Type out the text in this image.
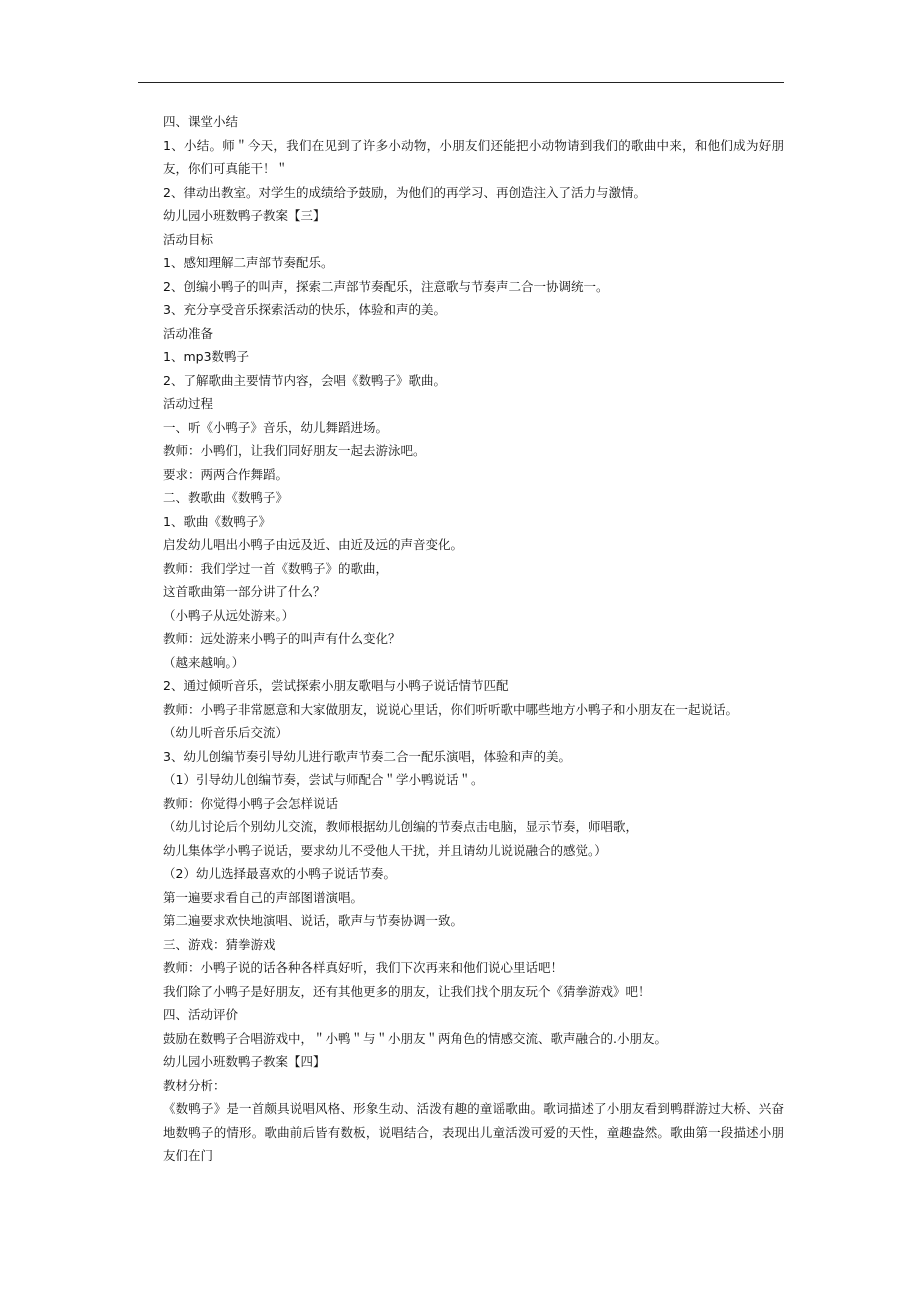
四、课堂小结
1、小结。师＂今天，我们在见到了许多小动物，小朋友们还能把小动物请到我们的歌曲中来，和他们成为好朋友，你们可真能干！＂
2、律动出教室。对学生的成绩给予鼓励，为他们的再学习、再创造注入了活力与激情。
幼儿园小班数鸭子教案【三】
活动目标
1、感知理解二声部节奏配乐。
2、创编小鸭子的叫声，探索二声部节奏配乐，注意歌与节奏声二合一协调统一。
3、充分享受音乐探索活动的快乐，体验和声的美。
活动准备
1、mp3数鸭子
2、了解歌曲主要情节内容，会唱《数鸭子》歌曲。
活动过程
一、听《小鸭子》音乐，幼儿舞蹈进场。
教师：小鸭们，让我们同好朋友一起去游泳吧。
要求：两两合作舞蹈。
二、教歌曲《数鸭子》
1、歌曲《数鸭子》
启发幼儿唱出小鸭子由远及近、由近及远的声音变化。
教师：我们学过一首《数鸭子》的歌曲，
这首歌曲第一部分讲了什么？
（小鸭子从远处游来。）
教师：远处游来小鸭子的叫声有什么变化？
（越来越响。）
2、通过倾听音乐，尝试探索小朋友歌唱与小鸭子说话情节匹配
教师：小鸭子非常愿意和大家做朋友，说说心里话，你们听听歌中哪些地方小鸭子和小朋友在一起说话。
（幼儿听音乐后交流）
3、幼儿创编节奏引导幼儿进行歌声节奏二合一配乐演唱，体验和声的美。
（1）引导幼儿创编节奏，尝试与师配合＂学小鸭说话＂。
教师：你觉得小鸭子会怎样说话
（幼儿讨论后个别幼儿交流，教师根据幼儿创编的节奏点击电脑，显示节奏，师唱歌，
幼儿集体学小鸭子说话，要求幼儿不受他人干扰，并且请幼儿说说融合的感觉。）
（2）幼儿选择最喜欢的小鸭子说话节奏。
第一遍要求看自己的声部图谱演唱。
第二遍要求欢快地演唱、说话，歌声与节奏协调一致。
三、游戏：猜拳游戏
教师：小鸭子说的话各种各样真好听，我们下次再来和他们说心里话吧！
我们除了小鸭子是好朋友，还有其他更多的朋友，让我们找个朋友玩个《猜拳游戏》吧！
四、活动评价
鼓励在数鸭子合唱游戏中，＂小鸭＂与＂小朋友＂两角色的情感交流、歌声融合的.小朋友。
幼儿园小班数鸭子教案【四】
教材分析：
《数鸭子》是一首颇具说唱风格、形象生动、活泼有趣的童谣歌曲。歌词描述了小朋友看到鸭群游过大桥、兴奋地数鸭子的情形。歌曲前后皆有数板，说唱结合，表现出儿童活泼可爱的天性，童趣盎然。歌曲第一段描述小朋友们在门
